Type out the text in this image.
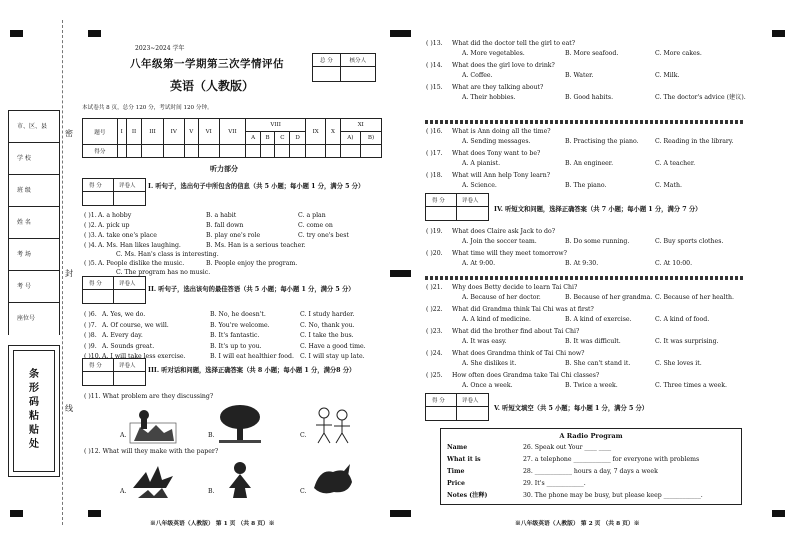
市、区、县
学 校
班 级
姓 名
考 场
考 号
座位号
条形码粘贴处
密
封
线
2023~2024 学年
八年级第一学期第三次学情评估
英语（人教版）
本试卷共 8 页，总分 120 分，考试时间 120 分钟。
总 分	核分人

题号	I	II	III	IV	V	VI	VII	VIII				IX	X	XI	
								A	B	C	D			A)	B)
得分															
听力部分
得 分	评卷人 I. 听句子，选出句子中所包含的信息（共 5 小题；每小题 1 分，满分 5 分）
( )1. A. a hobby	B. a habit	C. a plan
( )2. A. pick up	B. fall down	C. come on
( )3. A. take one's place	B. play one's role	C. try one's best
( )4. A. Ms. Han likes laughing.	B. Ms. Han is a serious teacher.
C. Ms. Han's class is interesting.
( )5. A. People dislike the music.	B. People enjoy the program.
C. The program has no music.
得 分	评卷人
II. 听句子，选出该句的最佳答语（共 5 小题；每小题 1 分，满分 5 分）
( )6. A. Yes, we do.	B. No, he doesn't.	C. I study harder.
( )7. A. Of course, we will.	B. You're welcome.	C. No, thank you.
( )8. A. Every day.	B. It's fantastic.	C. I take the bus.
( )9. A. Sounds great.	B. It's up to you.	C. Have a good time.
( )10. A. I will take less exercise.	B. I will eat healthier food. C. I will stay up late.
得 分	评卷人
III. 听对话和问题，选择正确答案（共 8 小题；每小题 1 分，满分8 分）
( )11. What problem are they discussing?
A.	B.	C.
( )12. What will they make with the paper?
A.	B.	C.
※八年级英语（人教版） 第 1 页 （共 8 页）※
( )13. What did the doctor tell the girl to eat?
A. More vegetables.	B. More seafood.	C. More cakes.
( )14. What does the girl love to drink?
A. Coffee.	B. Water.	C. Milk.
( )15. What are they talking about?
A. Their hobbies.	B. Good habits.	C. The doctor's advice (建议).
( )16. What is Ann doing all the time?
A. Sending messages.	B. Practising the piano.	C. Reading in the library.
( )17. What does Tony want to be?
A. A pianist.	B. An engineer.	C. A teacher.
( )18. What will Ann help Tony learn?
A. Science.	B. The piano.	C. Math.
得 分	评卷人
IV. 听短文和问题，选择正确答案（共 7 小题；每小题 1 分，满分 7 分）
( )19. What does Claire ask Jack to do?
A. Join the soccer team.	B. Do some running.	C. Buy sports clothes.
( )20. What time will they meet tomorrow?
A. At 9:00.	B. At 9:30.	C. At 10:00.
( )21. Why does Betty decide to learn Tai Chi?
A. Because of her doctor.	B. Because of her grandma. C. Because of her health.
( )22. What did Grandma think Tai Chi was at first?
A. A kind of medicine.	B. A kind of exercise.	C. A kind of food.
( )23. What did the brother find about Tai Chi?
A. It was easy.	B. It was difficult.	C. It was surprising.
( )24. What does Grandma think of Tai Chi now?
A. She dislikes it.	B. She can't stand it.	C. She loves it.
( )25. How often does Grandma take Tai Chi classes?
A. Once a week.	B. Twice a week.	C. Three times a week.
得 分	评卷人
V. 听短文填空（共 5 小题；每小题 1 分，满分 5 分）
A Radio Program
Name	26. Speak out Your ____ ____
What it is	27. a telephone ____________ for everyone with problems
Time	28. ____________ hours a day, 7 days a week
Price	29. It's ____________.
Notes (注释)	30. The phone may be busy, but please keep ____________.
※八年级英语（人教版） 第 2 页 （共 8 页）※
